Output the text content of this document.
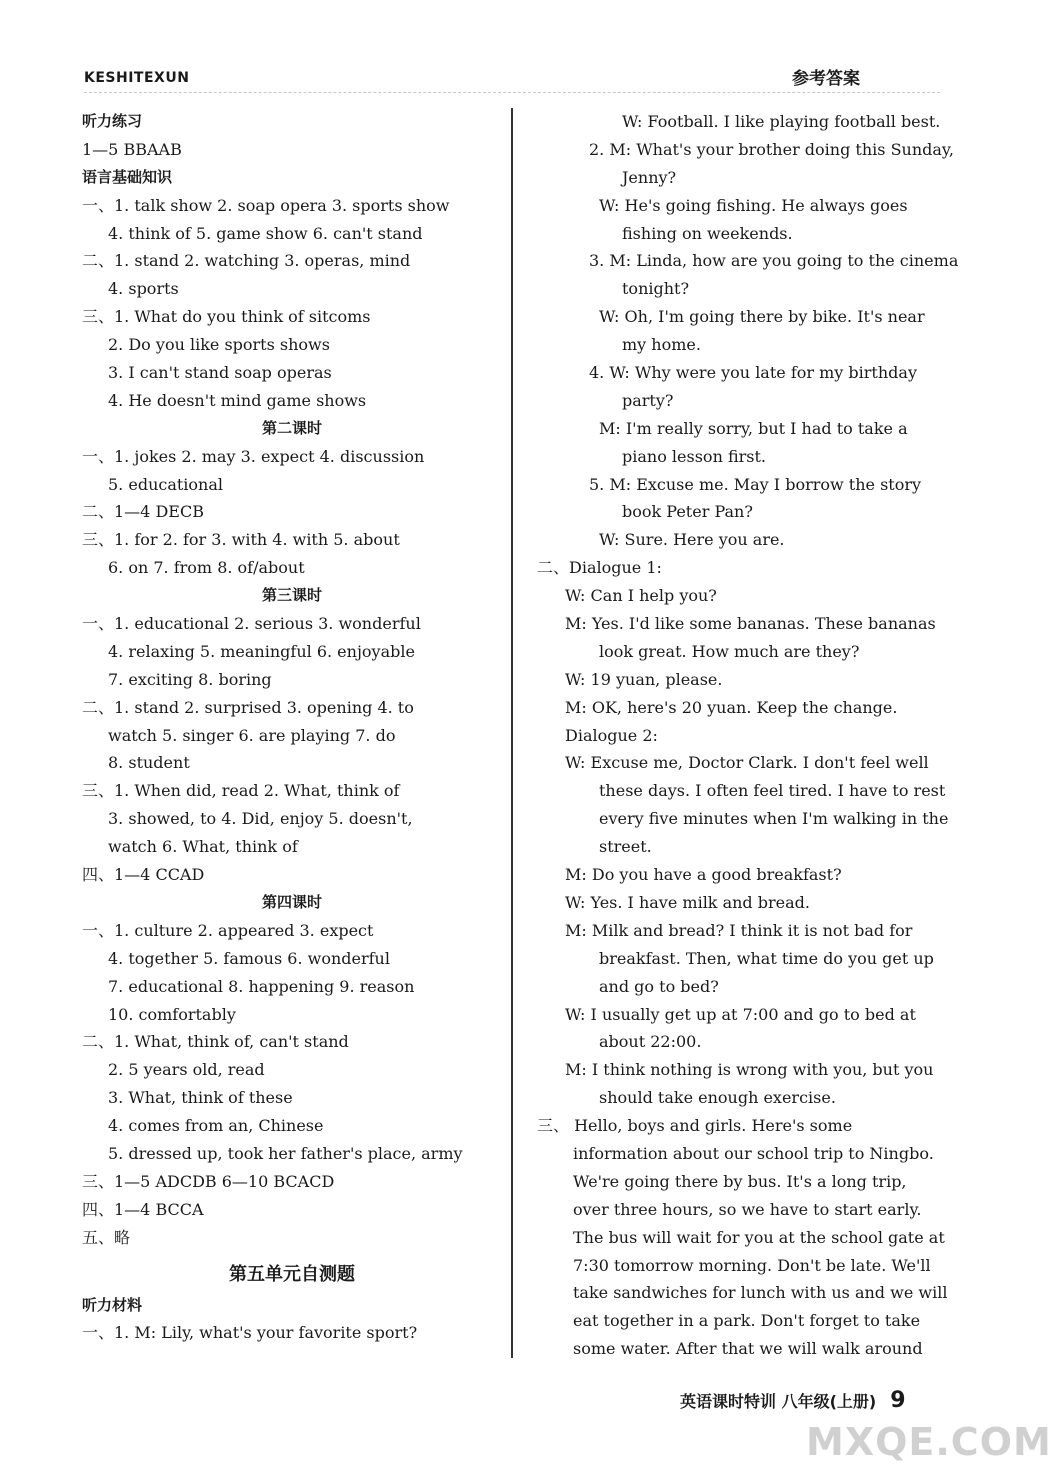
KESHITEXUN	参考答案
听力练习
1—5 BBAAB
语言基础知识
一、1. talk show 2. soap opera 3. sports show
4. think of 5. game show 6. can't stand
二、1. stand 2. watching 3. operas, mind
4. sports
三、1. What do you think of sitcoms
2. Do you like sports shows
3. I can't stand soap operas
4. He doesn't mind game shows
第二课时
一、1. jokes 2. may 3. expect 4. discussion
5. educational
二、1—4 DECB
三、1. for 2. for 3. with 4. with 5. about
6. on 7. from 8. of/about
第三课时
一、1. educational 2. serious 3. wonderful
4. relaxing 5. meaningful 6. enjoyable
7. exciting 8. boring
二、1. stand 2. surprised 3. opening 4. to
watch 5. singer 6. are playing 7. do
8. student
三、1. When did, read 2. What, think of
3. showed, to 4. Did, enjoy 5. doesn't,
watch 6. What, think of
四、1—4 CCAD
第四课时
一、1. culture 2. appeared 3. expect
4. together 5. famous 6. wonderful
7. educational 8. happening 9. reason
10. comfortably
二、1. What, think of, can't stand
2. 5 years old, read
3. What, think of these
4. comes from an, Chinese
5. dressed up, took her father's place, army
三、1—5 ADCDB 6—10 BCACD
四、1—4 BCCA
五、略
第五单元自测题
听力材料
一、1. M: Lily, what's your favorite sport?
W: Football. I like playing football best.
2. M: What's your brother doing this Sunday,
Jenny?
W: He's going fishing. He always goes
fishing on weekends.
3. M: Linda, how are you going to the cinema
tonight?
W: Oh, I'm going there by bike. It's near
my home.
4. W: Why were you late for my birthday
party?
M: I'm really sorry, but I had to take a
piano lesson first.
5. M: Excuse me. May I borrow the story
book Peter Pan?
W: Sure. Here you are.
二、Dialogue 1:
W: Can I help you?
M: Yes. I'd like some bananas. These bananas
look great. How much are they?
W: 19 yuan, please.
M: OK, here's 20 yuan. Keep the change.
Dialogue 2:
W: Excuse me, Doctor Clark. I don't feel well
these days. I often feel tired. I have to rest
every five minutes when I'm walking in the
street.
M: Do you have a good breakfast?
W: Yes. I have milk and bread.
M: Milk and bread? I think it is not bad for
breakfast. Then, what time do you get up
and go to bed?
W: I usually get up at 7:00 and go to bed at
about 22:00.
M: I think nothing is wrong with you, but you
should take enough exercise.
三、 Hello, boys and girls. Here's some
information about our school trip to Ningbo.
We're going there by bus. It's a long trip,
over three hours, so we have to start early.
The bus will wait for you at the school gate at
7:30 tomorrow morning. Don't be late. We'll
take sandwiches for lunch with us and we will
eat together in a park. Don't forget to take
some water. After that we will walk around
英语课时特训 八年级(上册) 9
MXQE.COM
